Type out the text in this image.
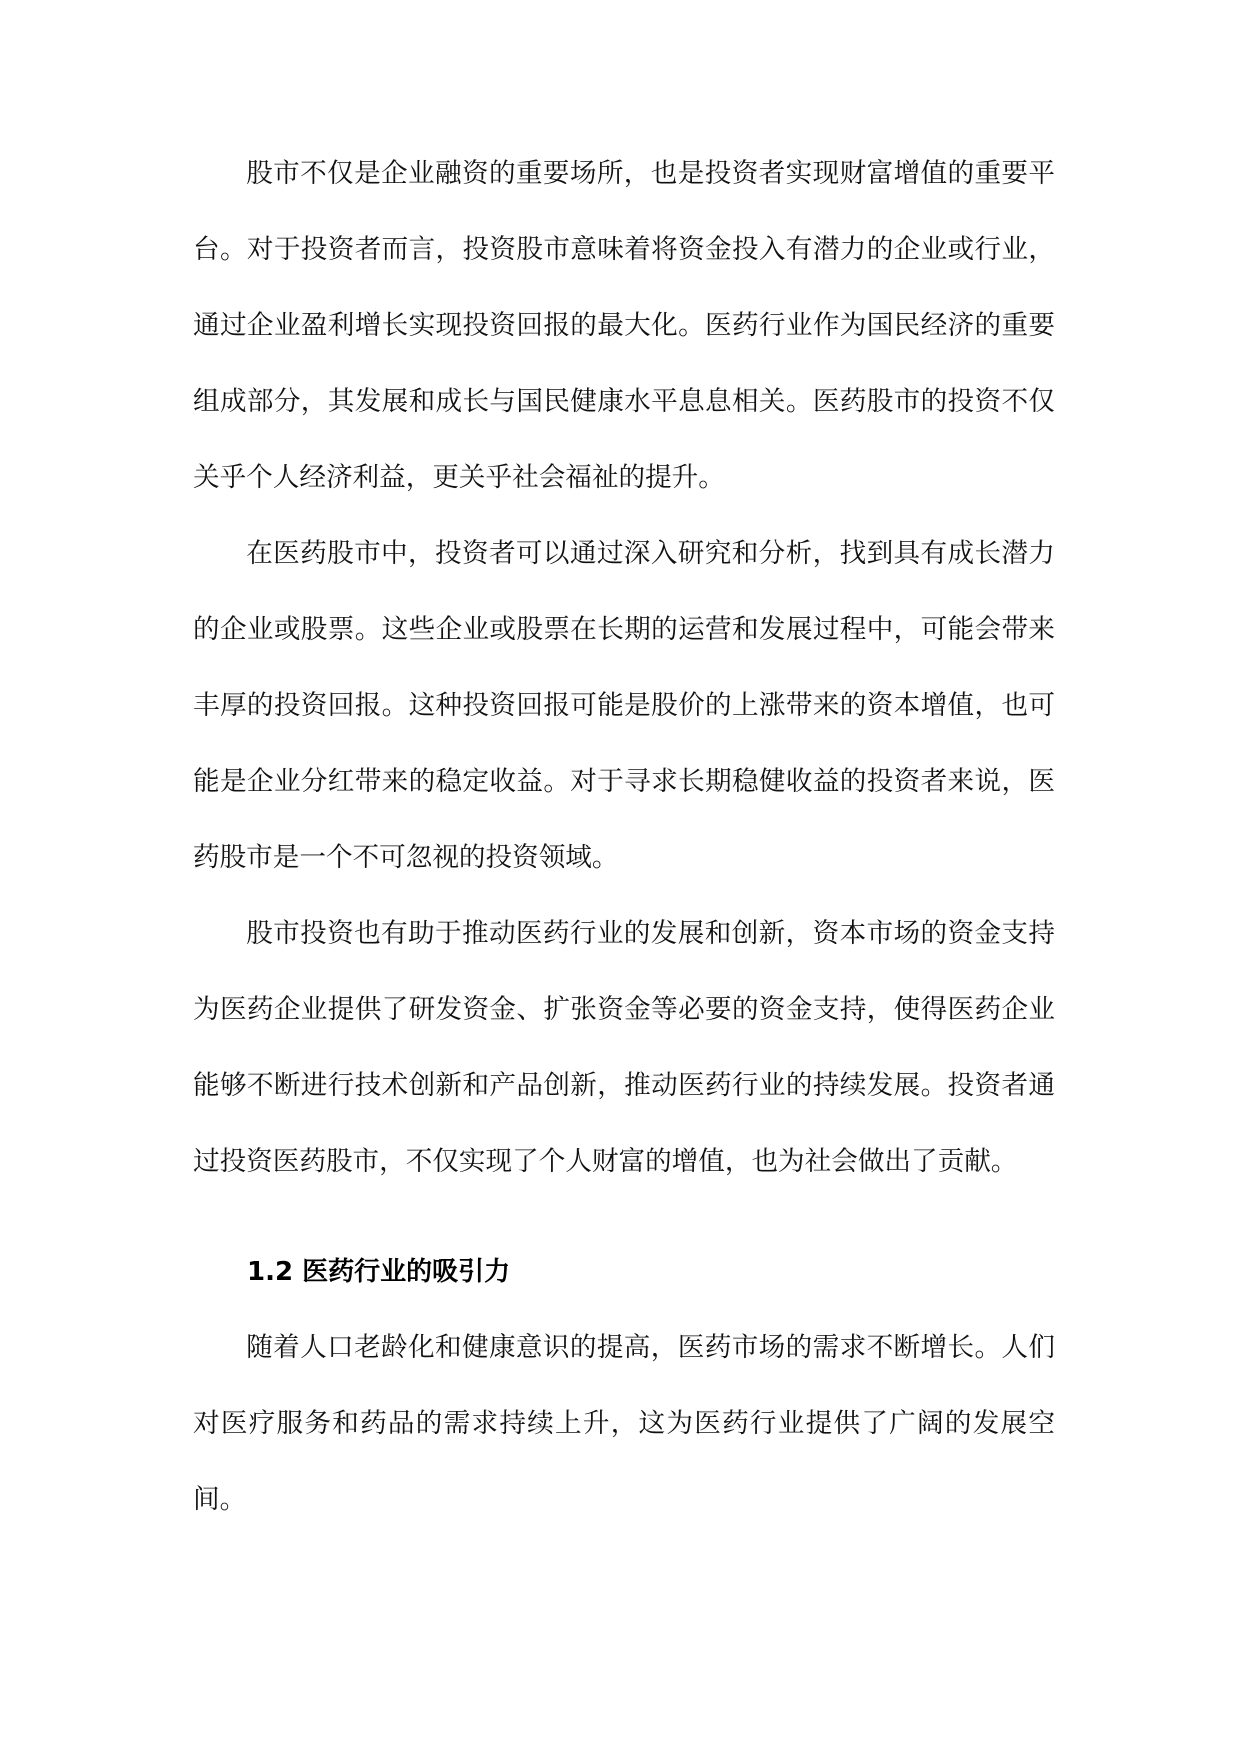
股市不仅是企业融资的重要场所，也是投资者实现财富增值的重要平台。对于投资者而言，投资股市意味着将资金投入有潜力的企业或行业，通过企业盈利增长实现投资回报的最大化。医药行业作为国民经济的重要组成部分，其发展和成长与国民健康水平息息相关。医药股市的投资不仅关乎个人经济利益，更关乎社会福祉的提升。

在医药股市中，投资者可以通过深入研究和分析，找到具有成长潜力的企业或股票。这些企业或股票在长期的运营和发展过程中，可能会带来丰厚的投资回报。这种投资回报可能是股价的上涨带来的资本增值，也可能是企业分红带来的稳定收益。对于寻求长期稳健收益的投资者来说，医药股市是一个不可忽视的投资领域。

股市投资也有助于推动医药行业的发展和创新，资本市场的资金支持为医药企业提供了研发资金、扩张资金等必要的资金支持，使得医药企业能够不断进行技术创新和产品创新，推动医药行业的持续发展。投资者通过投资医药股市，不仅实现了个人财富的增值，也为社会做出了贡献。

1.2 医药行业的吸引力

随着人口老龄化和健康意识的提高，医药市场的需求不断增长。人们对医疗服务和药品的需求持续上升，这为医药行业提供了广阔的发展空间。
